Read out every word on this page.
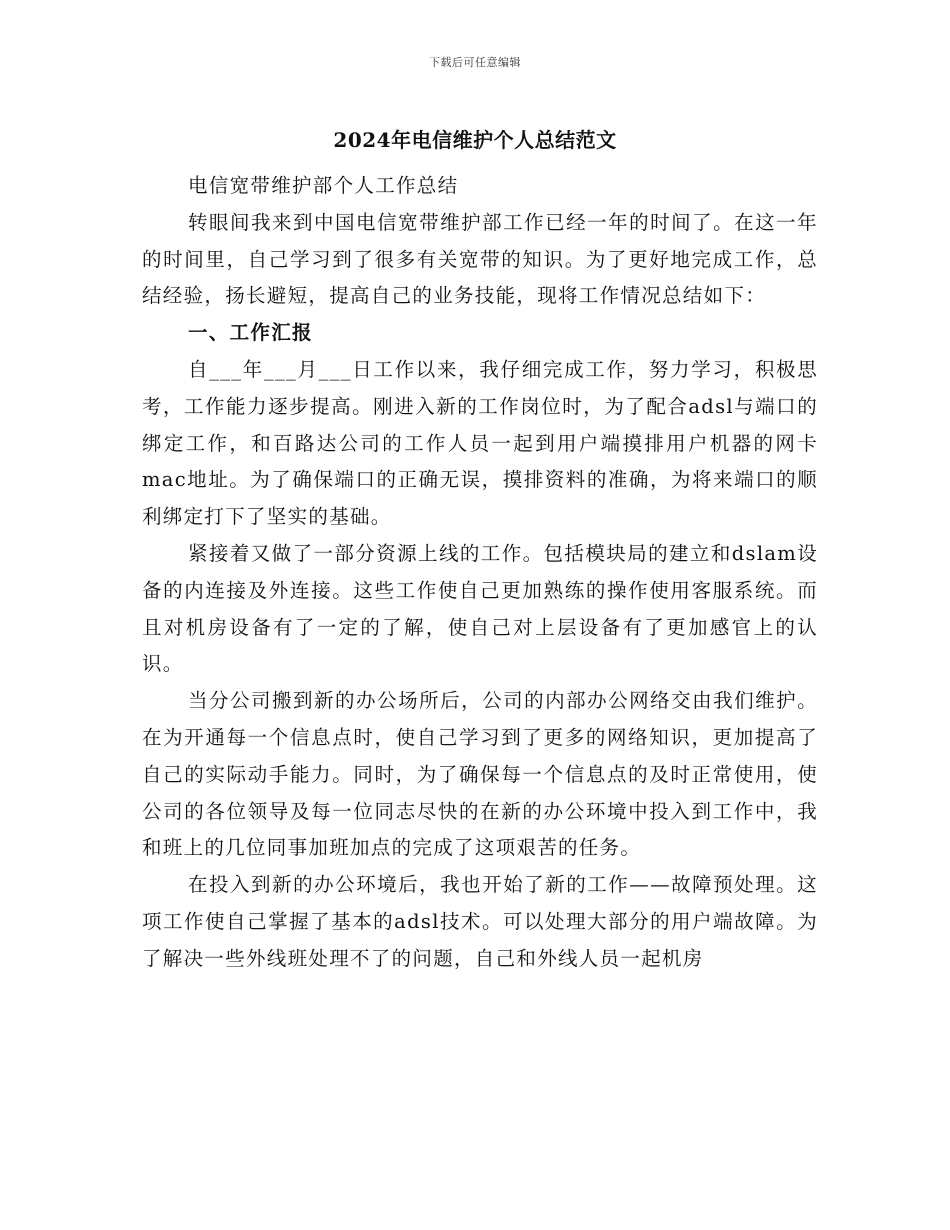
下载后可任意编辑
2024年电信维护个人总结范文

电信宽带维护部个人工作总结

转眼间我来到中国电信宽带维护部工作已经一年的时间了。在这一年的时间里，自己学习到了很多有关宽带的知识。为了更好地完成工作，总结经验，扬长避短，提高自己的业务技能，现将工作情况总结如下：

一、工作汇报

自___年___月___日工作以来，我仔细完成工作，努力学习，积极思考，工作能力逐步提高。刚进入新的工作岗位时，为了配合adsl与端口的绑定工作，和百路达公司的工作人员一起到用户端摸排用户机器的网卡mac地址。为了确保端口的正确无误，摸排资料的准确，为将来端口的顺利绑定打下了坚实的基础。

紧接着又做了一部分资源上线的工作。包括模块局的建立和dslam设备的内连接及外连接。这些工作使自己更加熟练的操作使用客服系统。而且对机房设备有了一定的了解，使自己对上层设备有了更加感官上的认识。

当分公司搬到新的办公场所后，公司的内部办公网络交由我们维护。在为开通每一个信息点时，使自己学习到了更多的网络知识，更加提高了自己的实际动手能力。同时，为了确保每一个信息点的及时正常使用，使公司的各位领导及每一位同志尽快的在新的办公环境中投入到工作中，我和班上的几位同事加班加点的完成了这项艰苦的任务。

在投入到新的办公环境后，我也开始了新的工作——故障预处理。这项工作使自己掌握了基本的adsl技术。可以处理大部分的用户端故障。为了解决一些外线班处理不了的问题，自己和外线人员一起机房
